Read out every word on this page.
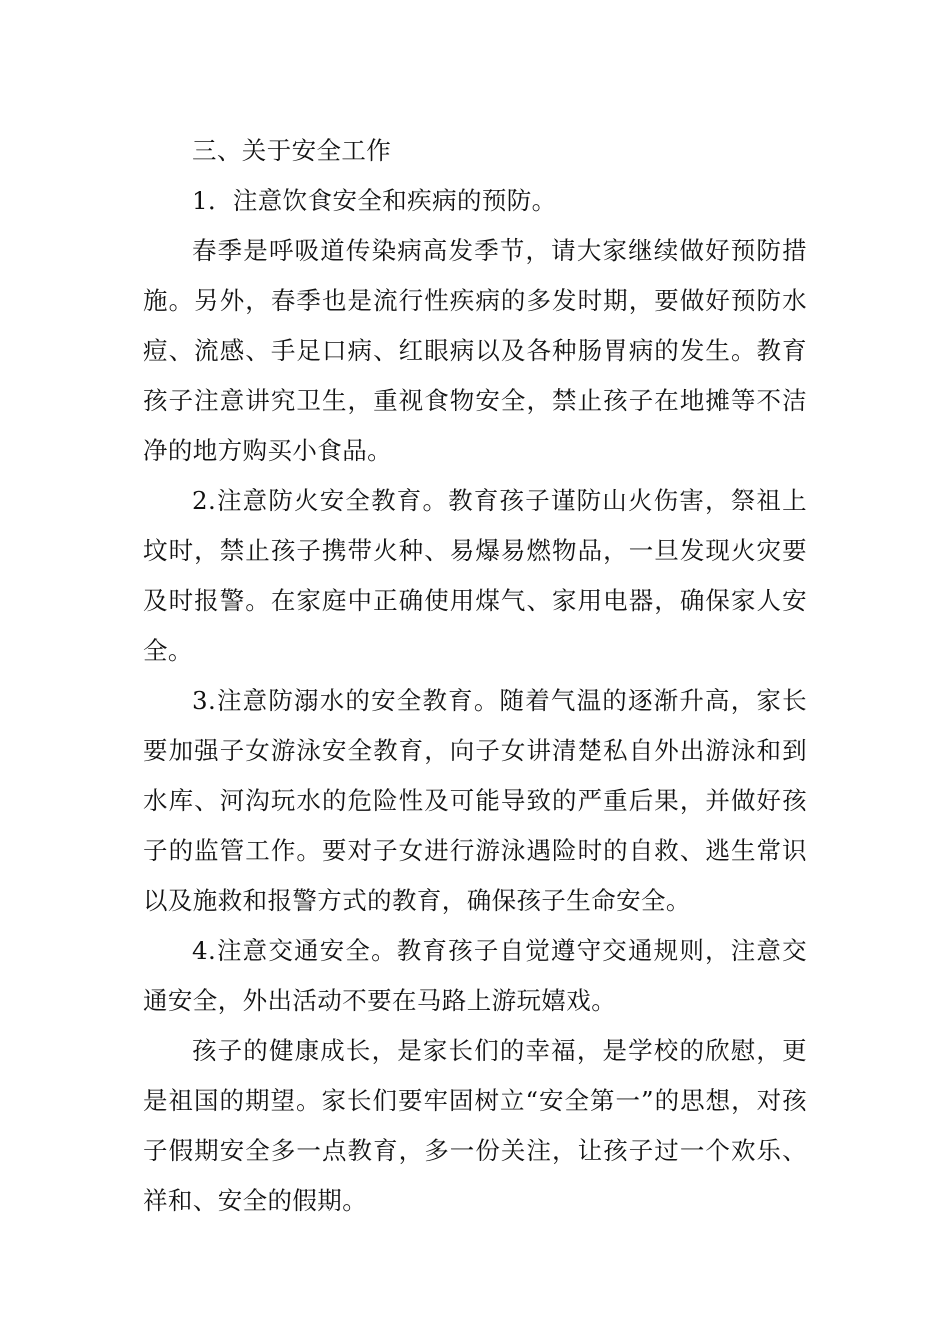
三、关于安全工作

1．注意饮食安全和疾病的预防。

春季是呼吸道传染病高发季节，请大家继续做好预防措施。另外，春季也是流行性疾病的多发时期，要做好预防水痘、流感、手足口病、红眼病以及各种肠胃病的发生。教育孩子注意讲究卫生，重视食物安全，禁止孩子在地摊等不洁净的地方购买小食品。

2.注意防火安全教育。教育孩子谨防山火伤害，祭祖上坟时，禁止孩子携带火种、易爆易燃物品，一旦发现火灾要及时报警。在家庭中正确使用煤气、家用电器，确保家人安全。

3.注意防溺水的安全教育。随着气温的逐渐升高，家长要加强子女游泳安全教育，向子女讲清楚私自外出游泳和到水库、河沟玩水的危险性及可能导致的严重后果，并做好孩子的监管工作。要对子女进行游泳遇险时的自救、逃生常识以及施救和报警方式的教育，确保孩子生命安全。

4.注意交通安全。教育孩子自觉遵守交通规则，注意交通安全，外出活动不要在马路上游玩嬉戏。

孩子的健康成长，是家长们的幸福，是学校的欣慰，更是祖国的期望。家长们要牢固树立“安全第一”的思想，对孩子假期安全多一点教育，多一份关注，让孩子过一个欢乐、祥和、安全的假期。
